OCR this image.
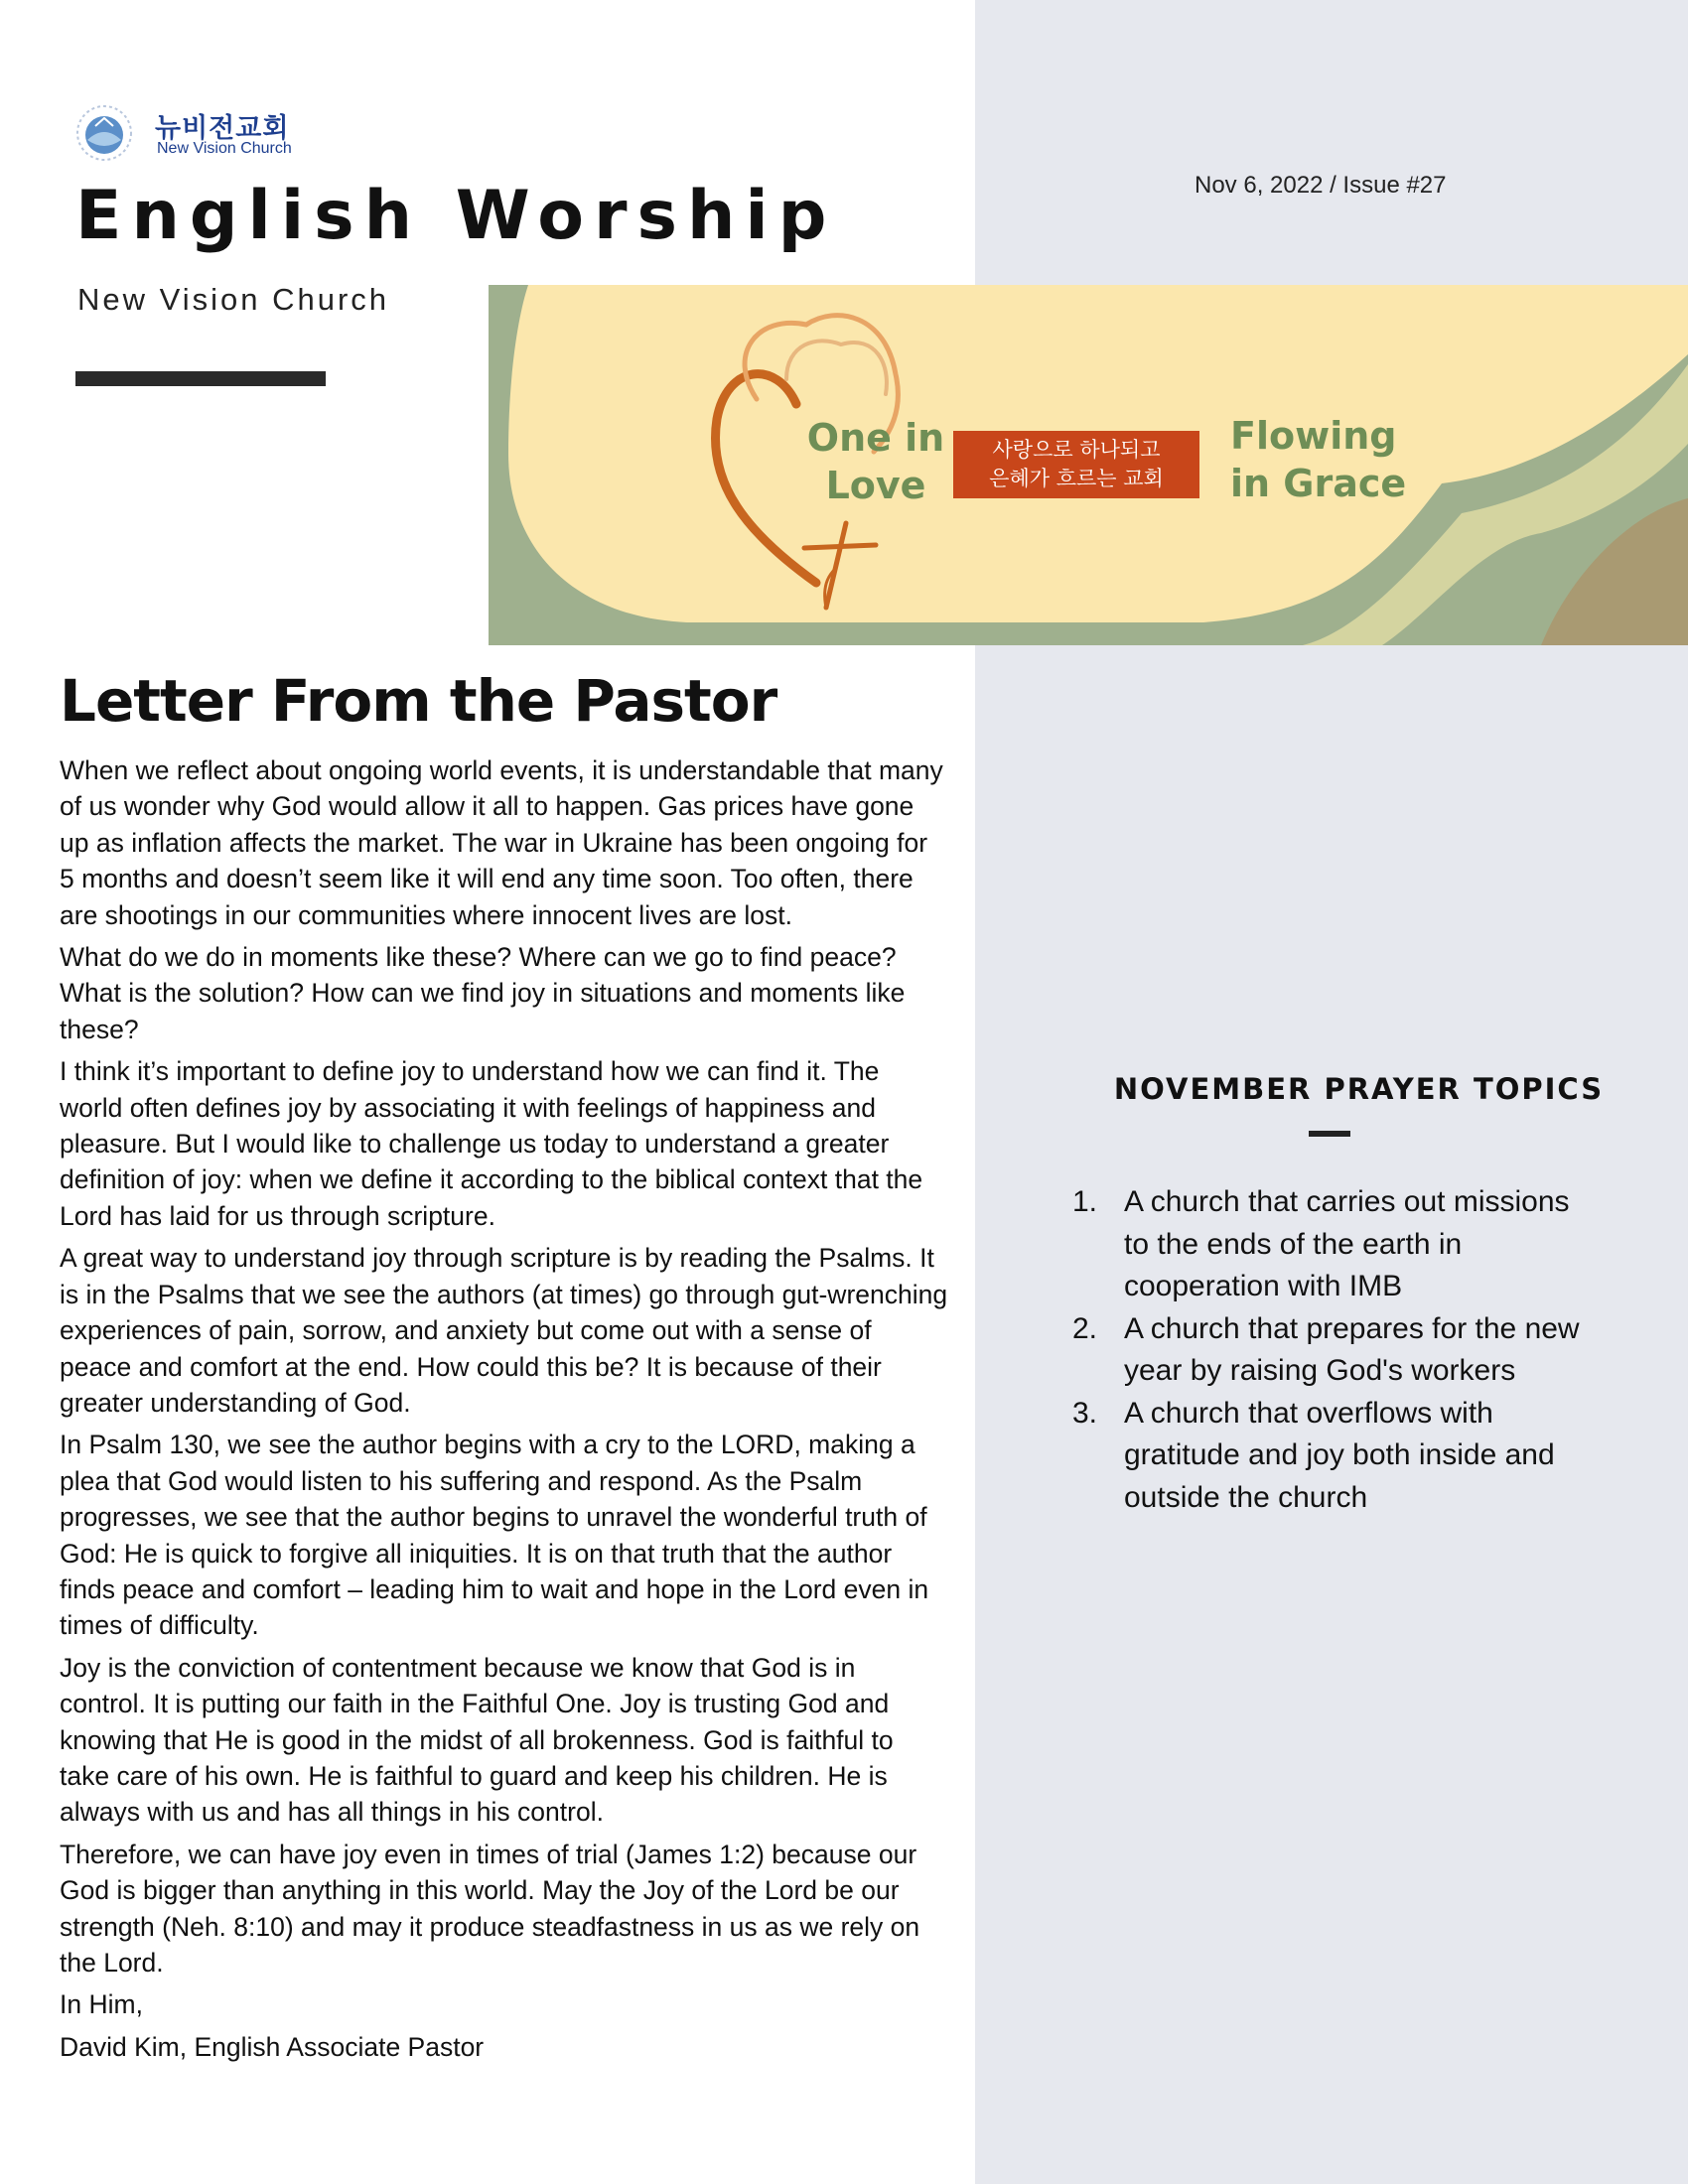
뉴비전교회
New Vision Church
English Worship
New Vision Church
Nov 6, 2022 / Issue #27
One in
Love
사랑으로 하나되고
은혜가 흐르는 교회
Flowing
in Grace
Letter From the Pastor

When we reflect about ongoing world events, it is understandable that many of us wonder why God would allow it all to happen. Gas prices have gone up as inflation affects the market. The war in Ukraine has been ongoing for 5 months and doesn’t seem like it will end any time soon. Too often, there are shootings in our communities where innocent lives are lost.

What do we do in moments like these? Where can we go to find peace? What is the solution? How can we find joy in situations and moments like these?

I think it’s important to define joy to understand how we can find it. The world often defines joy by associating it with feelings of happiness and pleasure. But I would like to challenge us today to understand a greater definition of joy: when we define it according to the biblical context that the Lord has laid for us through scripture.

A great way to understand joy through scripture is by reading the Psalms. It is in the Psalms that we see the authors (at times) go through gut-wrenching experiences of pain, sorrow, and anxiety but come out with a sense of peace and comfort at the end. How could this be? It is because of their greater understanding of God.

In Psalm 130, we see the author begins with a cry to the LORD, making a plea that God would listen to his suffering and respond. As the Psalm progresses, we see that the author begins to unravel the wonderful truth of God: He is quick to forgive all iniquities. It is on that truth that the author finds peace and comfort – leading him to wait and hope in the Lord even in times of difficulty.

Joy is the conviction of contentment because we know that God is in control. It is putting our faith in the Faithful One. Joy is trusting God and knowing that He is good in the midst of all brokenness. God is faithful to take care of his own. He is faithful to guard and keep his children. He is always with us and has all things in his control.

Therefore, we can have joy even in times of trial (James 1:2) because our God is bigger than anything in this world. May the Joy of the Lord be our strength (Neh. 8:10) and may it produce steadfastness in us as we rely on the Lord.

In Him,

David Kim, English Associate Pastor

NOVEMBER PRAYER TOPICS
1. A church that carries out missions to the ends of the earth in cooperation with IMB
2. A church that prepares for the new year by raising God's workers
3. A church that overflows with gratitude and joy both inside and outside the church
